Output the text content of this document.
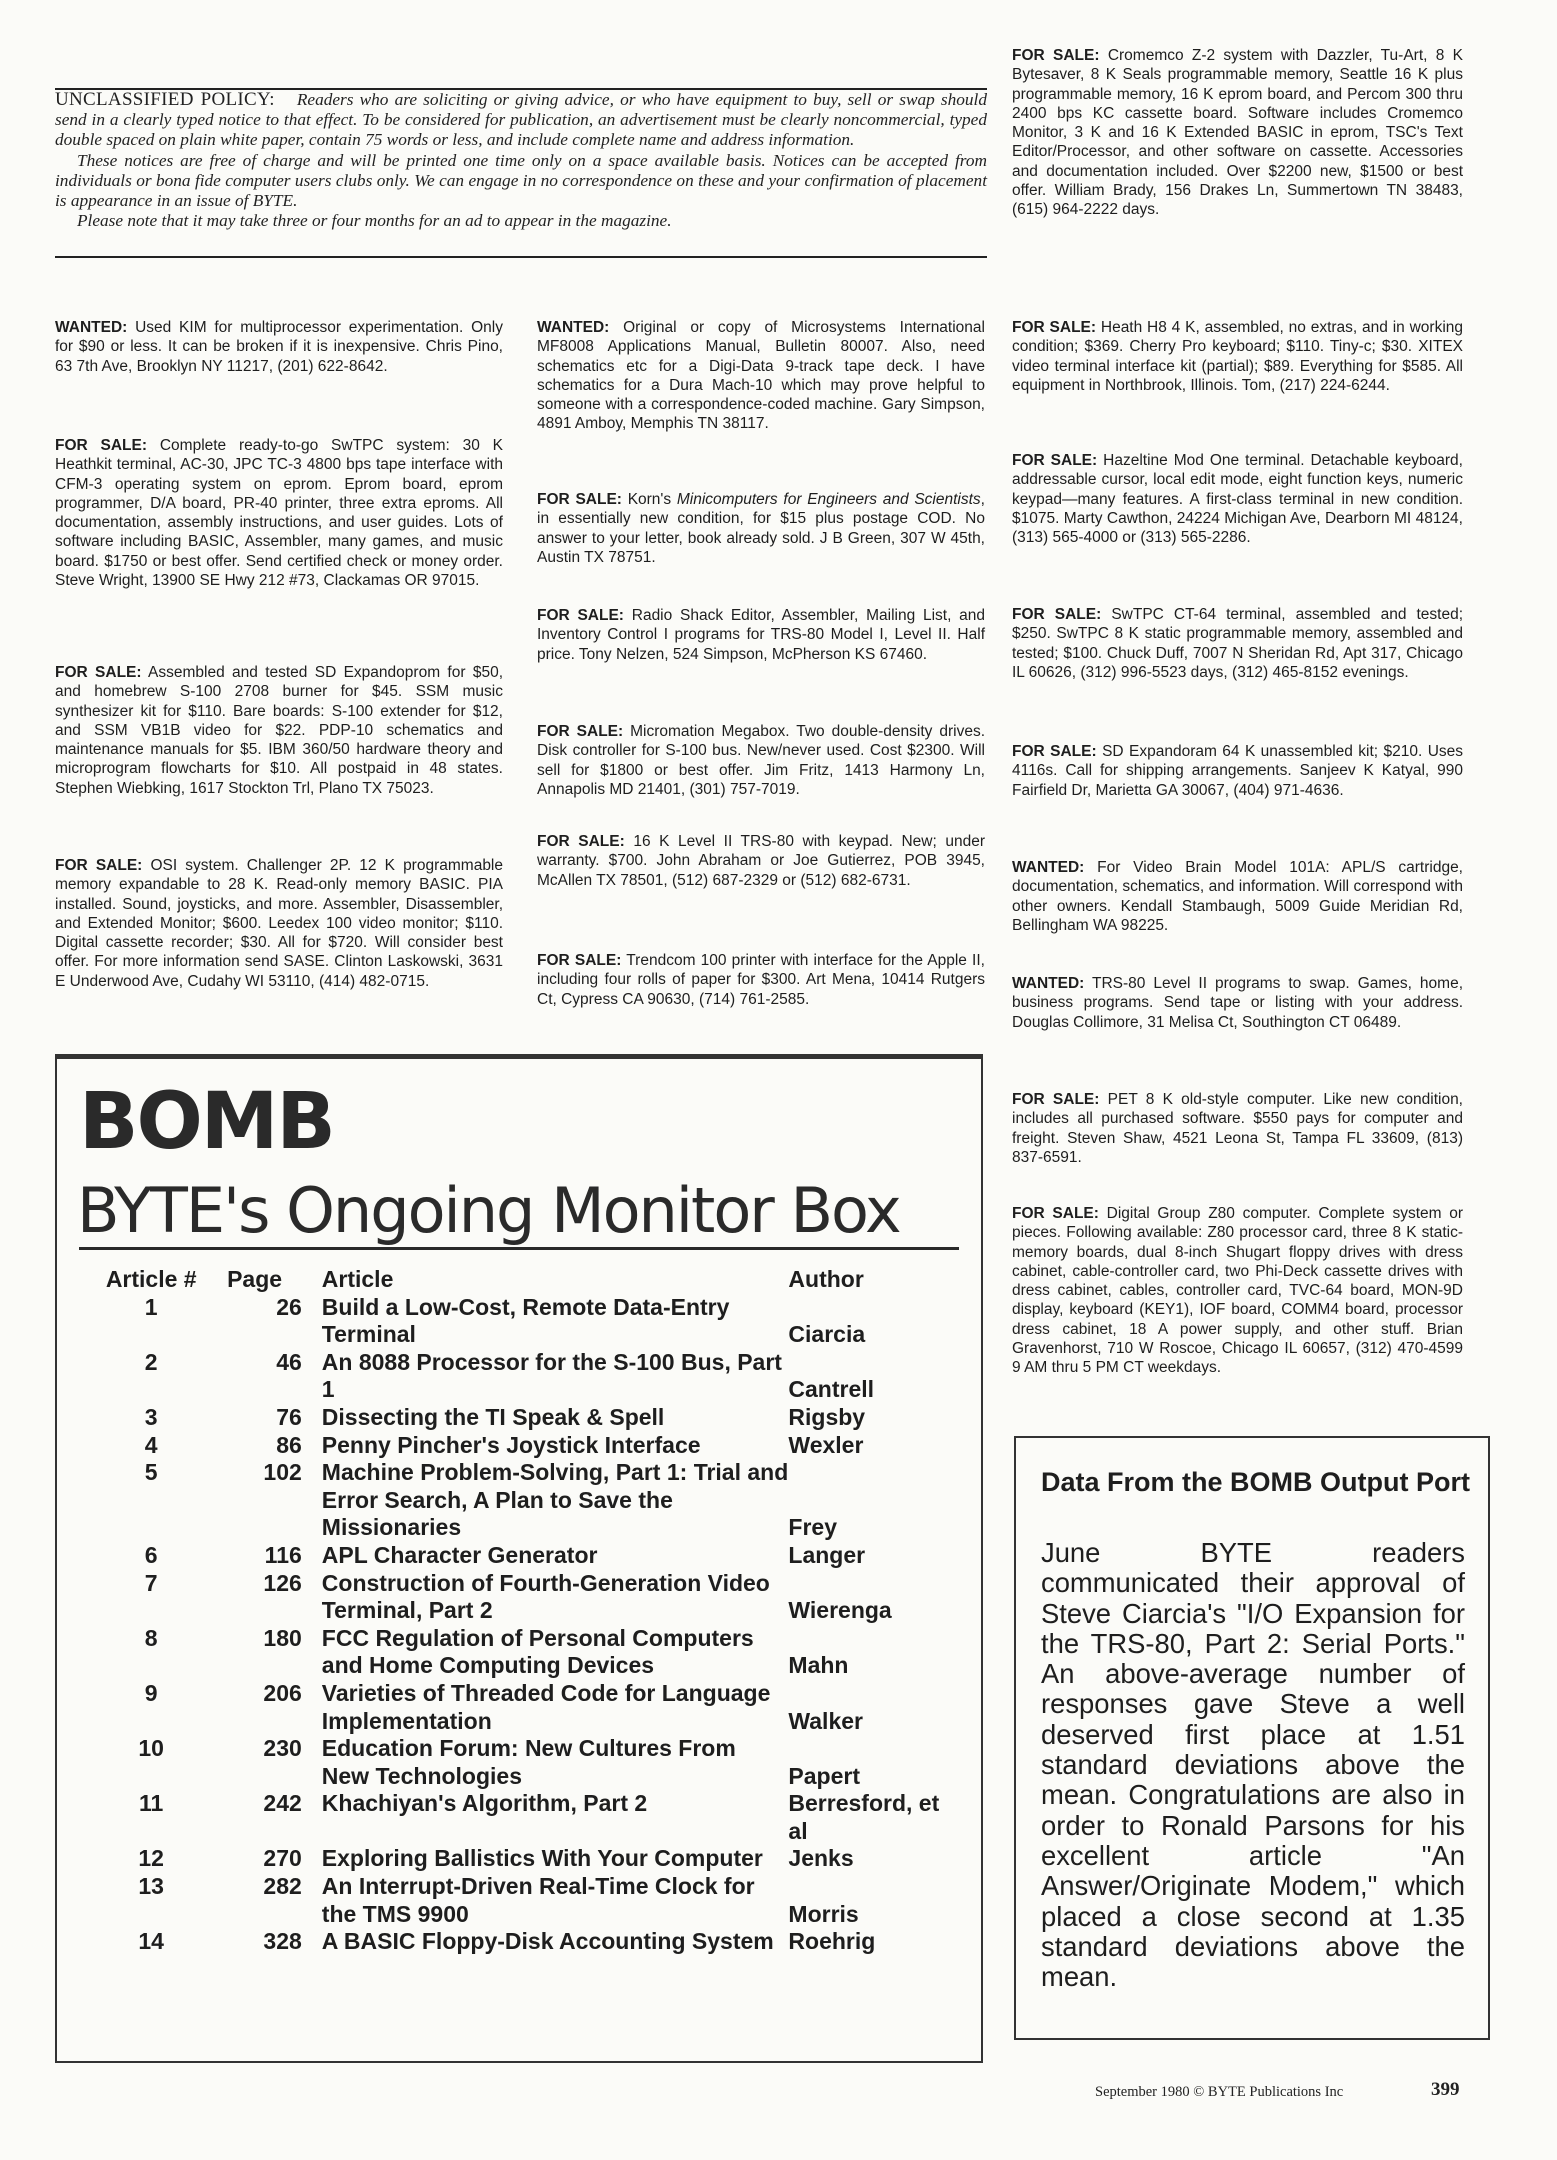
UNCLASSIFIED POLICY: Readers who are soliciting or giving advice, or who have equipment to buy, sell or swap should send in a clearly typed notice to that effect. To be considered for publication, an advertisement must be clearly noncommercial, typed double spaced on plain white paper, contain 75 words or less, and include complete name and address information.

These notices are free of charge and will be printed one time only on a space available basis. Notices can be accepted from individuals or bona fide computer users clubs only. We can engage in no correspondence on these and your confirmation of placement is appearance in an issue of BYTE.

Please note that it may take three or four months for an ad to appear in the magazine.

WANTED: Used KIM for multiprocessor experimentation. Only for $90 or less. It can be broken if it is inexpensive. Chris Pino, 63 7th Ave, Brooklyn NY 11217, (201) 622-8642.

FOR SALE: Complete ready-to-go SwTPC system: 30 K Heathkit terminal, AC-30, JPC TC-3 4800 bps tape interface with CFM-3 operating system on eprom. Eprom board, eprom programmer, D/A board, PR-40 printer, three extra eproms. All documentation, assembly instructions, and user guides. Lots of software including BASIC, Assembler, many games, and music board. $1750 or best offer. Send certified check or money order. Steve Wright, 13900 SE Hwy 212 #73, Clackamas OR 97015.

FOR SALE: Assembled and tested SD Expandoprom for $50, and homebrew S-100 2708 burner for $45. SSM music synthesizer kit for $110. Bare boards: S-100 extender for $12, and SSM VB1B video for $22. PDP-10 schematics and maintenance manuals for $5. IBM 360/50 hardware theory and microprogram flowcharts for $10. All postpaid in 48 states. Stephen Wiebking, 1617 Stockton Trl, Plano TX 75023.

FOR SALE: OSI system. Challenger 2P. 12 K programmable memory expandable to 28 K. Read-only memory BASIC. PIA installed. Sound, joysticks, and more. Assembler, Disassembler, and Extended Monitor; $600. Leedex 100 video monitor; $110. Digital cassette recorder; $30. All for $720. Will consider best offer. For more information send SASE. Clinton Laskowski, 3631 E Underwood Ave, Cudahy WI 53110, (414) 482-0715.

WANTED: Original or copy of Microsystems International MF8008 Applications Manual, Bulletin 80007. Also, need schematics etc for a Digi-Data 9-track tape deck. I have schematics for a Dura Mach-10 which may prove helpful to someone with a correspondence-coded machine. Gary Simpson, 4891 Amboy, Memphis TN 38117.

FOR SALE: Korn's Minicomputers for Engineers and Scientists, in essentially new condition, for $15 plus postage COD. No answer to your letter, book already sold. J B Green, 307 W 45th, Austin TX 78751.

FOR SALE: Radio Shack Editor, Assembler, Mailing List, and Inventory Control I programs for TRS-80 Model I, Level II. Half price. Tony Nelzen, 524 Simpson, McPherson KS 67460.

FOR SALE: Micromation Megabox. Two double-density drives. Disk controller for S-100 bus. New/never used. Cost $2300. Will sell for $1800 or best offer. Jim Fritz, 1413 Harmony Ln, Annapolis MD 21401, (301) 757-7019.

FOR SALE: 16 K Level II TRS-80 with keypad. New; under warranty. $700. John Abraham or Joe Gutierrez, POB 3945, McAllen TX 78501, (512) 687-2329 or (512) 682-6731.

FOR SALE: Trendcom 100 printer with interface for the Apple II, including four rolls of paper for $300. Art Mena, 10414 Rutgers Ct, Cypress CA 90630, (714) 761-2585.

FOR SALE: Cromemco Z-2 system with Dazzler, Tu-Art, 8 K Bytesaver, 8 K Seals programmable memory, Seattle 16 K plus programmable memory, 16 K eprom board, and Percom 300 thru 2400 bps KC cassette board. Software includes Cromemco Monitor, 3 K and 16 K Extended BASIC in eprom, TSC's Text Editor/Processor, and other software on cassette. Accessories and documentation included. Over $2200 new, $1500 or best offer. William Brady, 156 Drakes Ln, Summertown TN 38483, (615) 964-2222 days.

FOR SALE: Heath H8 4 K, assembled, no extras, and in working condition; $369. Cherry Pro keyboard; $110. Tiny-c; $30. XITEX video terminal interface kit (partial); $89. Everything for $585. All equipment in Northbrook, Illinois. Tom, (217) 224-6244.

FOR SALE: Hazeltine Mod One terminal. Detachable keyboard, addressable cursor, local edit mode, eight function keys, numeric keypad—many features. A first-class terminal in new condition. $1075. Marty Cawthon, 24224 Michigan Ave, Dearborn MI 48124, (313) 565-4000 or (313) 565-2286.

FOR SALE: SwTPC CT-64 terminal, assembled and tested; $250. SwTPC 8 K static programmable memory, assembled and tested; $100. Chuck Duff, 7007 N Sheridan Rd, Apt 317, Chicago IL 60626, (312) 996-5523 days, (312) 465-8152 evenings.

FOR SALE: SD Expandoram 64 K unassembled kit; $210. Uses 4116s. Call for shipping arrangements. Sanjeev K Katyal, 990 Fairfield Dr, Marietta GA 30067, (404) 971-4636.

WANTED: For Video Brain Model 101A: APL/S cartridge, documentation, schematics, and information. Will correspond with other owners. Kendall Stambaugh, 5009 Guide Meridian Rd, Bellingham WA 98225.

WANTED: TRS-80 Level II programs to swap. Games, home, business programs. Send tape or listing with your address. Douglas Collimore, 31 Melisa Ct, Southington CT 06489.

FOR SALE: PET 8 K old-style computer. Like new condition, includes all purchased software. $550 pays for computer and freight. Steven Shaw, 4521 Leona St, Tampa FL 33609, (813) 837-6591.

FOR SALE: Digital Group Z80 computer. Complete system or pieces. Following available: Z80 processor card, three 8 K static-memory boards, dual 8-inch Shugart floppy drives with dress cabinet, cable-controller card, two Phi-Deck cassette drives with dress cabinet, cables, controller card, TVC-64 board, MON-9D display, keyboard (KEY1), IOF board, COMM4 board, processor dress cabinet, 18 A power supply, and other stuff. Brian Gravenhorst, 710 W Roscoe, Chicago IL 60657, (312) 470-4599 9 AM thru 5 PM CT weekdays.

BOMB
BYTE's Ongoing Monitor Box
Article #	Page	Article	Author
1	26	Build a Low-Cost, Remote Data-Entry Terminal	Ciarcia
2	46	An 8088 Processor for the S-100 Bus, Part 1	Cantrell
3	76	Dissecting the TI Speak & Spell	Rigsby
4	86	Penny Pincher's Joystick Interface	Wexler
5	102	Machine Problem-Solving, Part 1: Trial and Error Search, A Plan to Save the Missionaries	Frey
6	116	APL Character Generator	Langer
7	126	Construction of Fourth-Generation Video Terminal, Part 2	Wierenga
8	180	FCC Regulation of Personal Computers and Home Computing Devices	Mahn
9	206	Varieties of Threaded Code for Language Implementation	Walker
10	230	Education Forum: New Cultures From New Technologies	Papert
11	242	Khachiyan's Algorithm, Part 2	Berresford, et al
12	270	Exploring Ballistics With Your Computer	Jenks
13	282	An Interrupt-Driven Real-Time Clock for the TMS 9900	Morris
14	328	A BASIC Floppy-Disk Accounting System	Roehrig
Data From the BOMB Output Port

June BYTE readers communicated their approval of Steve Ciarcia's "I/O Expansion for the TRS-80, Part 2: Serial Ports." An above-average number of responses gave Steve a well deserved first place at 1.51 standard deviations above the mean. Congratulations are also in order to Ronald Parsons for his excellent article "An Answer/Originate Modem," which placed a close second at 1.35 standard deviations above the mean.

September 1980 © BYTE Publications Inc	399
